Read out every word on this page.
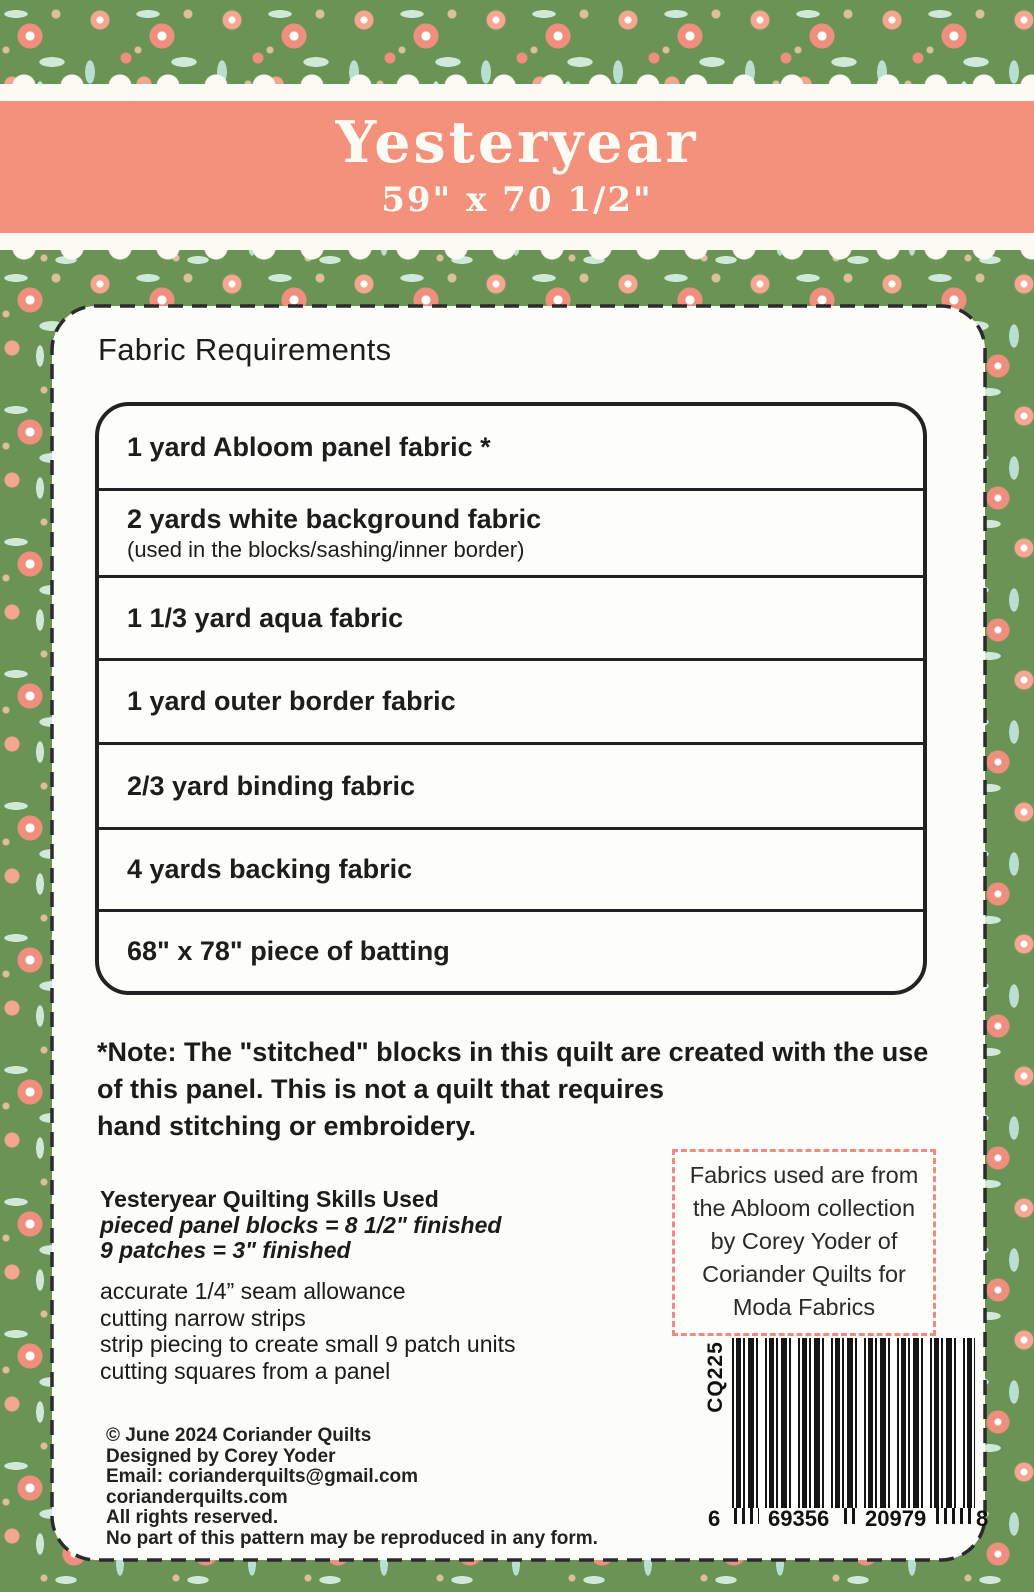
Yesteryear
59" x 70 1/2"
Fabric Requirements
1 yard Abloom panel fabric *
2 yards white background fabric
(used in the blocks/sashing/inner border)
1 1/3 yard aqua fabric
1 yard outer border fabric
2/3 yard binding fabric
4 yards backing fabric
68" x 78" piece of batting
*Note: The "stitched" blocks in this quilt are created with the use
of this panel. This is not a quilt that requires
hand stitching or embroidery.
Yesteryear Quilting Skills Used
pieced panel blocks = 8 1/2" finished
9 patches = 3" finished
accurate 1/4” seam allowance
cutting narrow strips
strip piecing to create small 9 patch units
cutting squares from a panel
Fabrics used are from
the Abloom collection
by Corey Yoder of
Coriander Quilts for
Moda Fabrics
CQ225
6 69356 20979 8
© June 2024 Coriander Quilts
Designed by Corey Yoder
Email: corianderquilts@gmail.com
corianderquilts.com
All rights reserved.
No part of this pattern may be reproduced in any form.
